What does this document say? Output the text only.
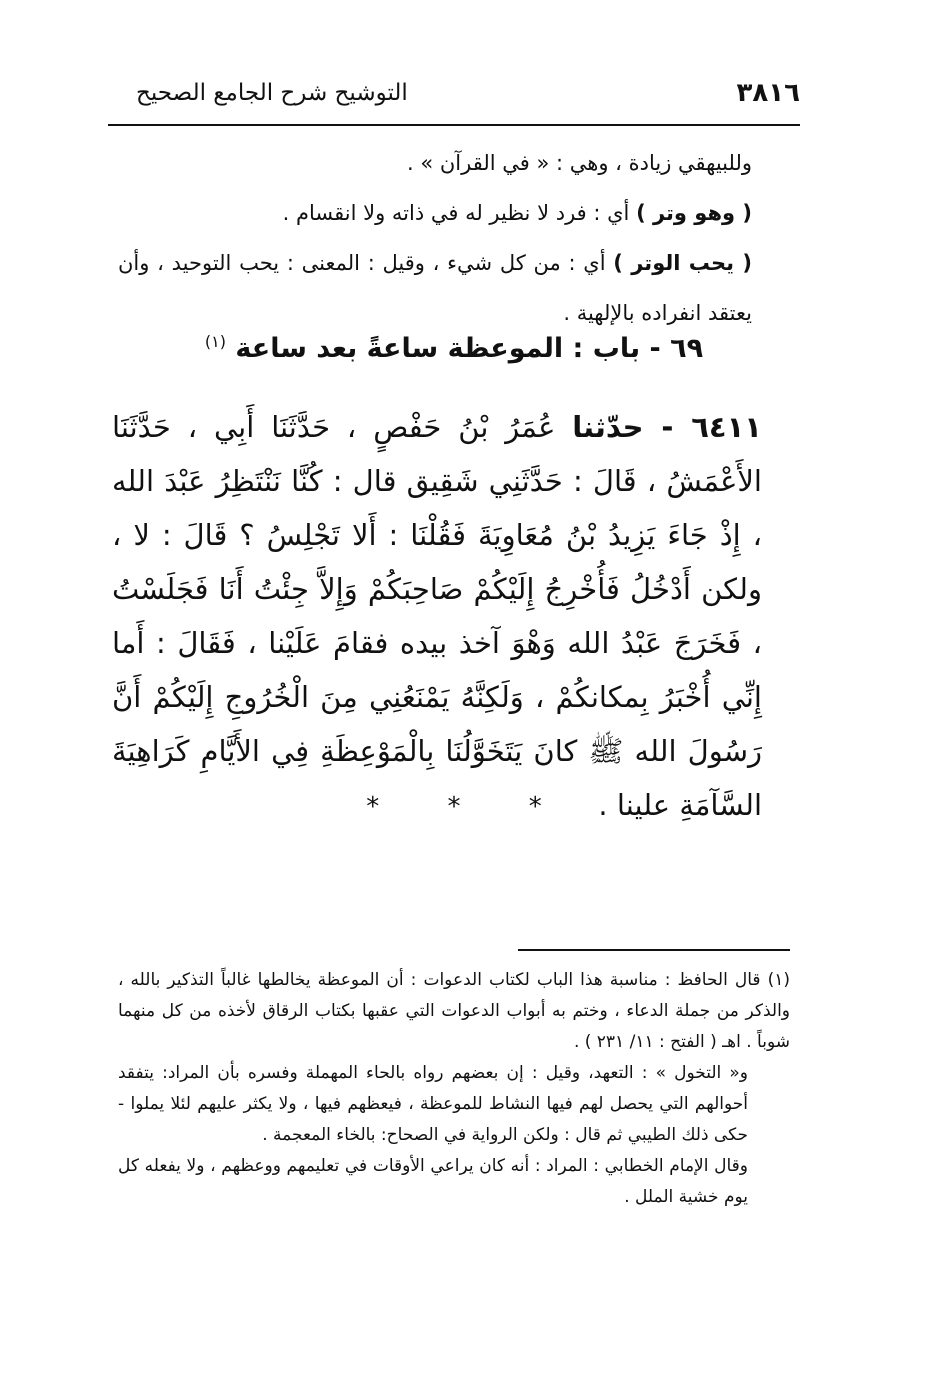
٣٨١٦
التوشيح شرح الجامع الصحيح

وللبيهقي زيادة ، وهي : « في القرآن » .

( وهو وتر ) أي : فرد لا نظير له في ذاته ولا انقسام .

( يحب الوتر ) أي : من كل شيء ، وقيل : المعنى : يحب التوحيد ، وأن يعتقد انفراده بالإلهية .

٦٩ - باب : الموعظة ساعةً بعد ساعة $^{(١)}$

٦٤١١ - حدّثنا عُمَرُ بْنُ حَفْصٍ ، حَدَّثَنَا أَبِي ، حَدَّثَنَا الأَعْمَشُ ، قَالَ : حَدَّثَنِي شَقِيق قال : كُنَّا نَنْتَظِرُ عَبْدَ الله ، إِذْ جَاءَ يَزِيدُ بْنُ مُعَاوِيَةَ فَقُلْنَا : أَلا تَجْلِسُ ؟ قَالَ : لا ، ولكن أَدْخُلُ فَأُخْرِجُ إِلَيْكُمْ صَاحِبَكُمْ وَإِلاَّ جِئْتُ أَنَا فَجَلَسْتُ ، فَخَرَجَ عَبْدُ الله وَهْوَ آخذ بيده فقامَ عَلَيْنا ، فَقَالَ : أَما إِنِّي أُخْبَرُ بِمكانكُمْ ، وَلَكِنَّهُ يَمْنَعُنِي مِنَ الْخُرُوجِ إِلَيْكُمْ أَنَّ رَسُولَ الله ﷺ كانَ يَتَخَوَّلُنَا بِالْمَوْعِظَةِ فِي الأَيَّامِ كَرَاهِيَةَ السَّآمَةِ علينا .

* * *

(١) قال الحافظ : مناسبة هذا الباب لكتاب الدعوات : أن الموعظة يخالطها غالباً التذكير بالله ، والذكر من جملة الدعاء ، وختم به أبواب الدعوات التي عقبها بكتاب الرقاق لأخذه من كل منهما شوباً . اهـ ( الفتح : ١١/ ٢٣١ ) .

و« التخول » : التعهد، وقيل : إن بعضهم رواه بالحاء المهملة وفسره بأن المراد: يتفقد أحوالهم التي يحصل لهم فيها النشاط للموعظة ، فيعظهم فيها ، ولا يكثر عليهم لئلا يملوا - حكى ذلك الطيبي ثم قال : ولكن الرواية في الصحاح: بالخاء المعجمة .

وقال الإمام الخطابي : المراد : أنه كان يراعي الأوقات في تعليمهم ووعظهم ، ولا يفعله كل يوم خشية الملل .
